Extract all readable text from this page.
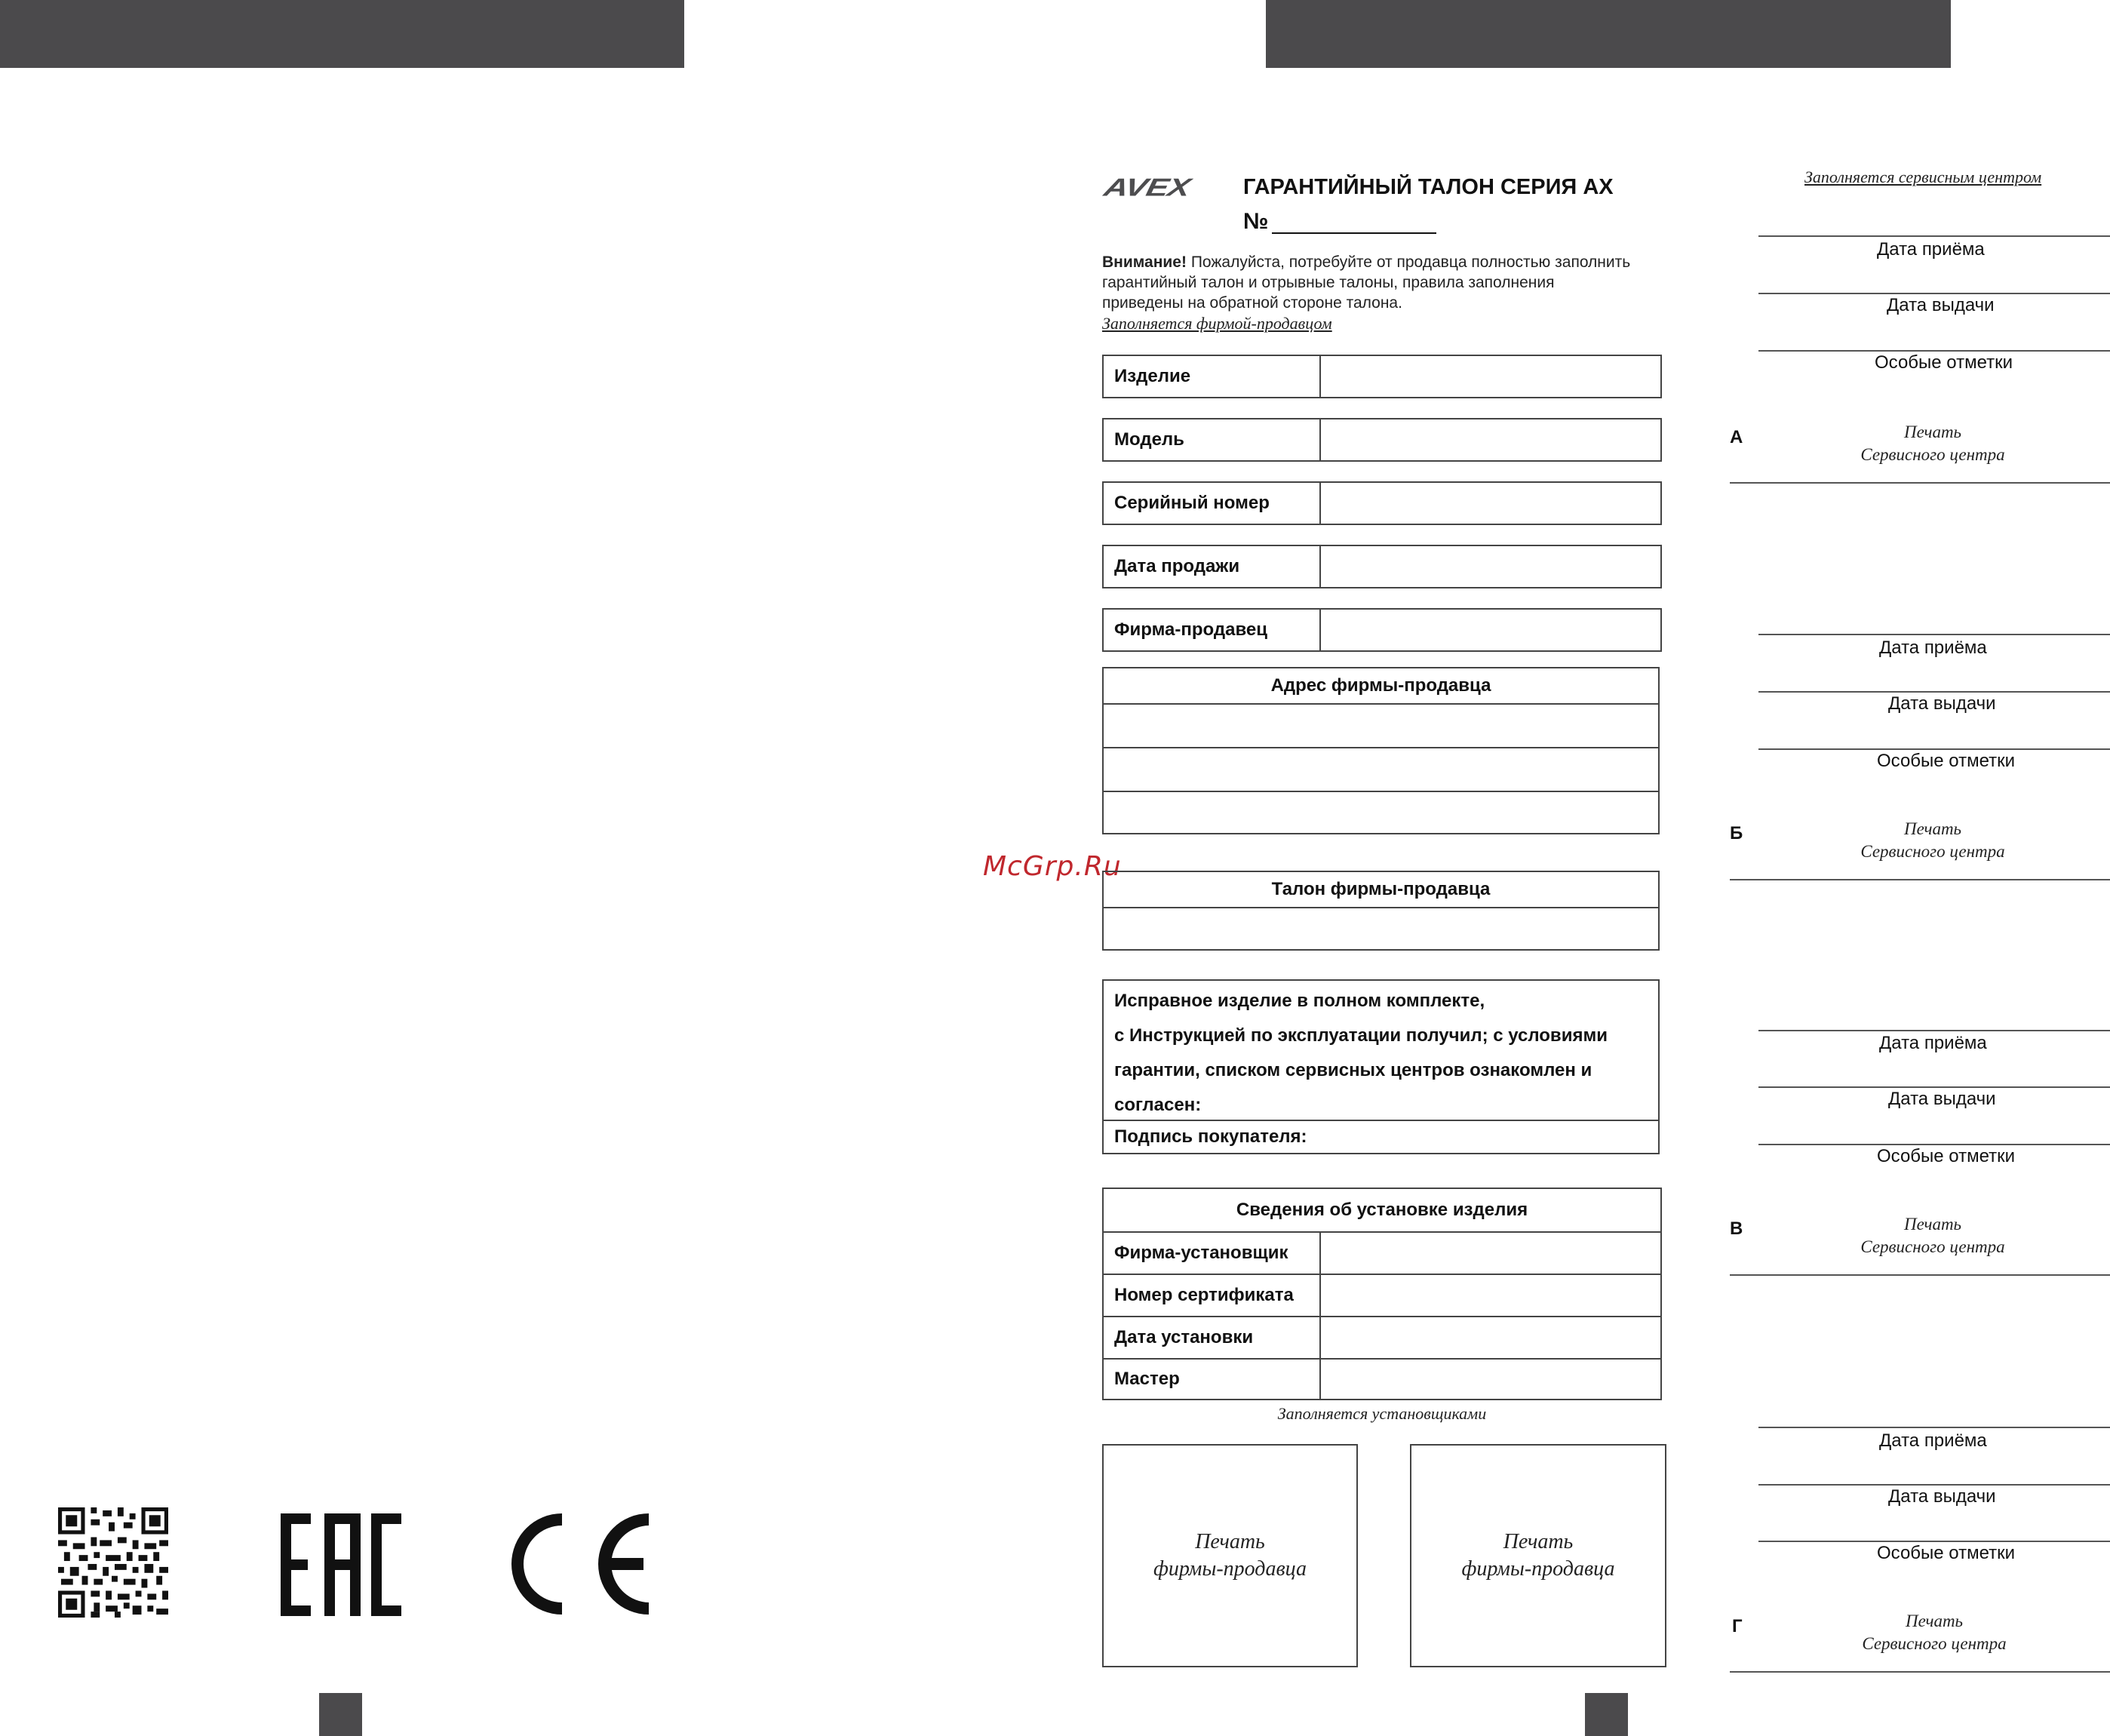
McGrp.Ru
AVEX ГАРАНТИЙНЫЙ ТАЛОН СЕРИЯ АХ
№
Внимание! Пожалуйста, потребуйте от продавца полностью заполнить
гарантийный талон и отрывные талоны, правила заполнения
приведены на обратной стороне талона.
Заполняется фирмой-продавцом
Изделие
Модель
Серийный номер
Дата продажи
Фирма-продавец
Адрес фирмы-продавца
Талон фирмы-продавца
Исправное изделие в полном комплекте,
с Инструкцией по эксплуатации получил; с условиями
гарантии, списком сервисных центров ознакомлен и
согласен:
Подпись покупателя:
Сведения об установке изделия
Фирма-установщик
Номер сертификата
Дата установки
Мастер
Заполняется установщиками
Печать
фирмы-продавца
Печать
фирмы-продавца
Заполняется сервисным центром
Дата приёма
Дата выдачи
Особые отметки
А	Печать
Сервисного центра
Дата приёма
Дата выдачи
Особые отметки
Б	Печать
Сервисного центра
Дата приёма
Дата выдачи
Особые отметки
В	Печать
Сервисного центра
Дата приёма
Дата выдачи
Особые отметки
Г	Печать
Сервисного центра
